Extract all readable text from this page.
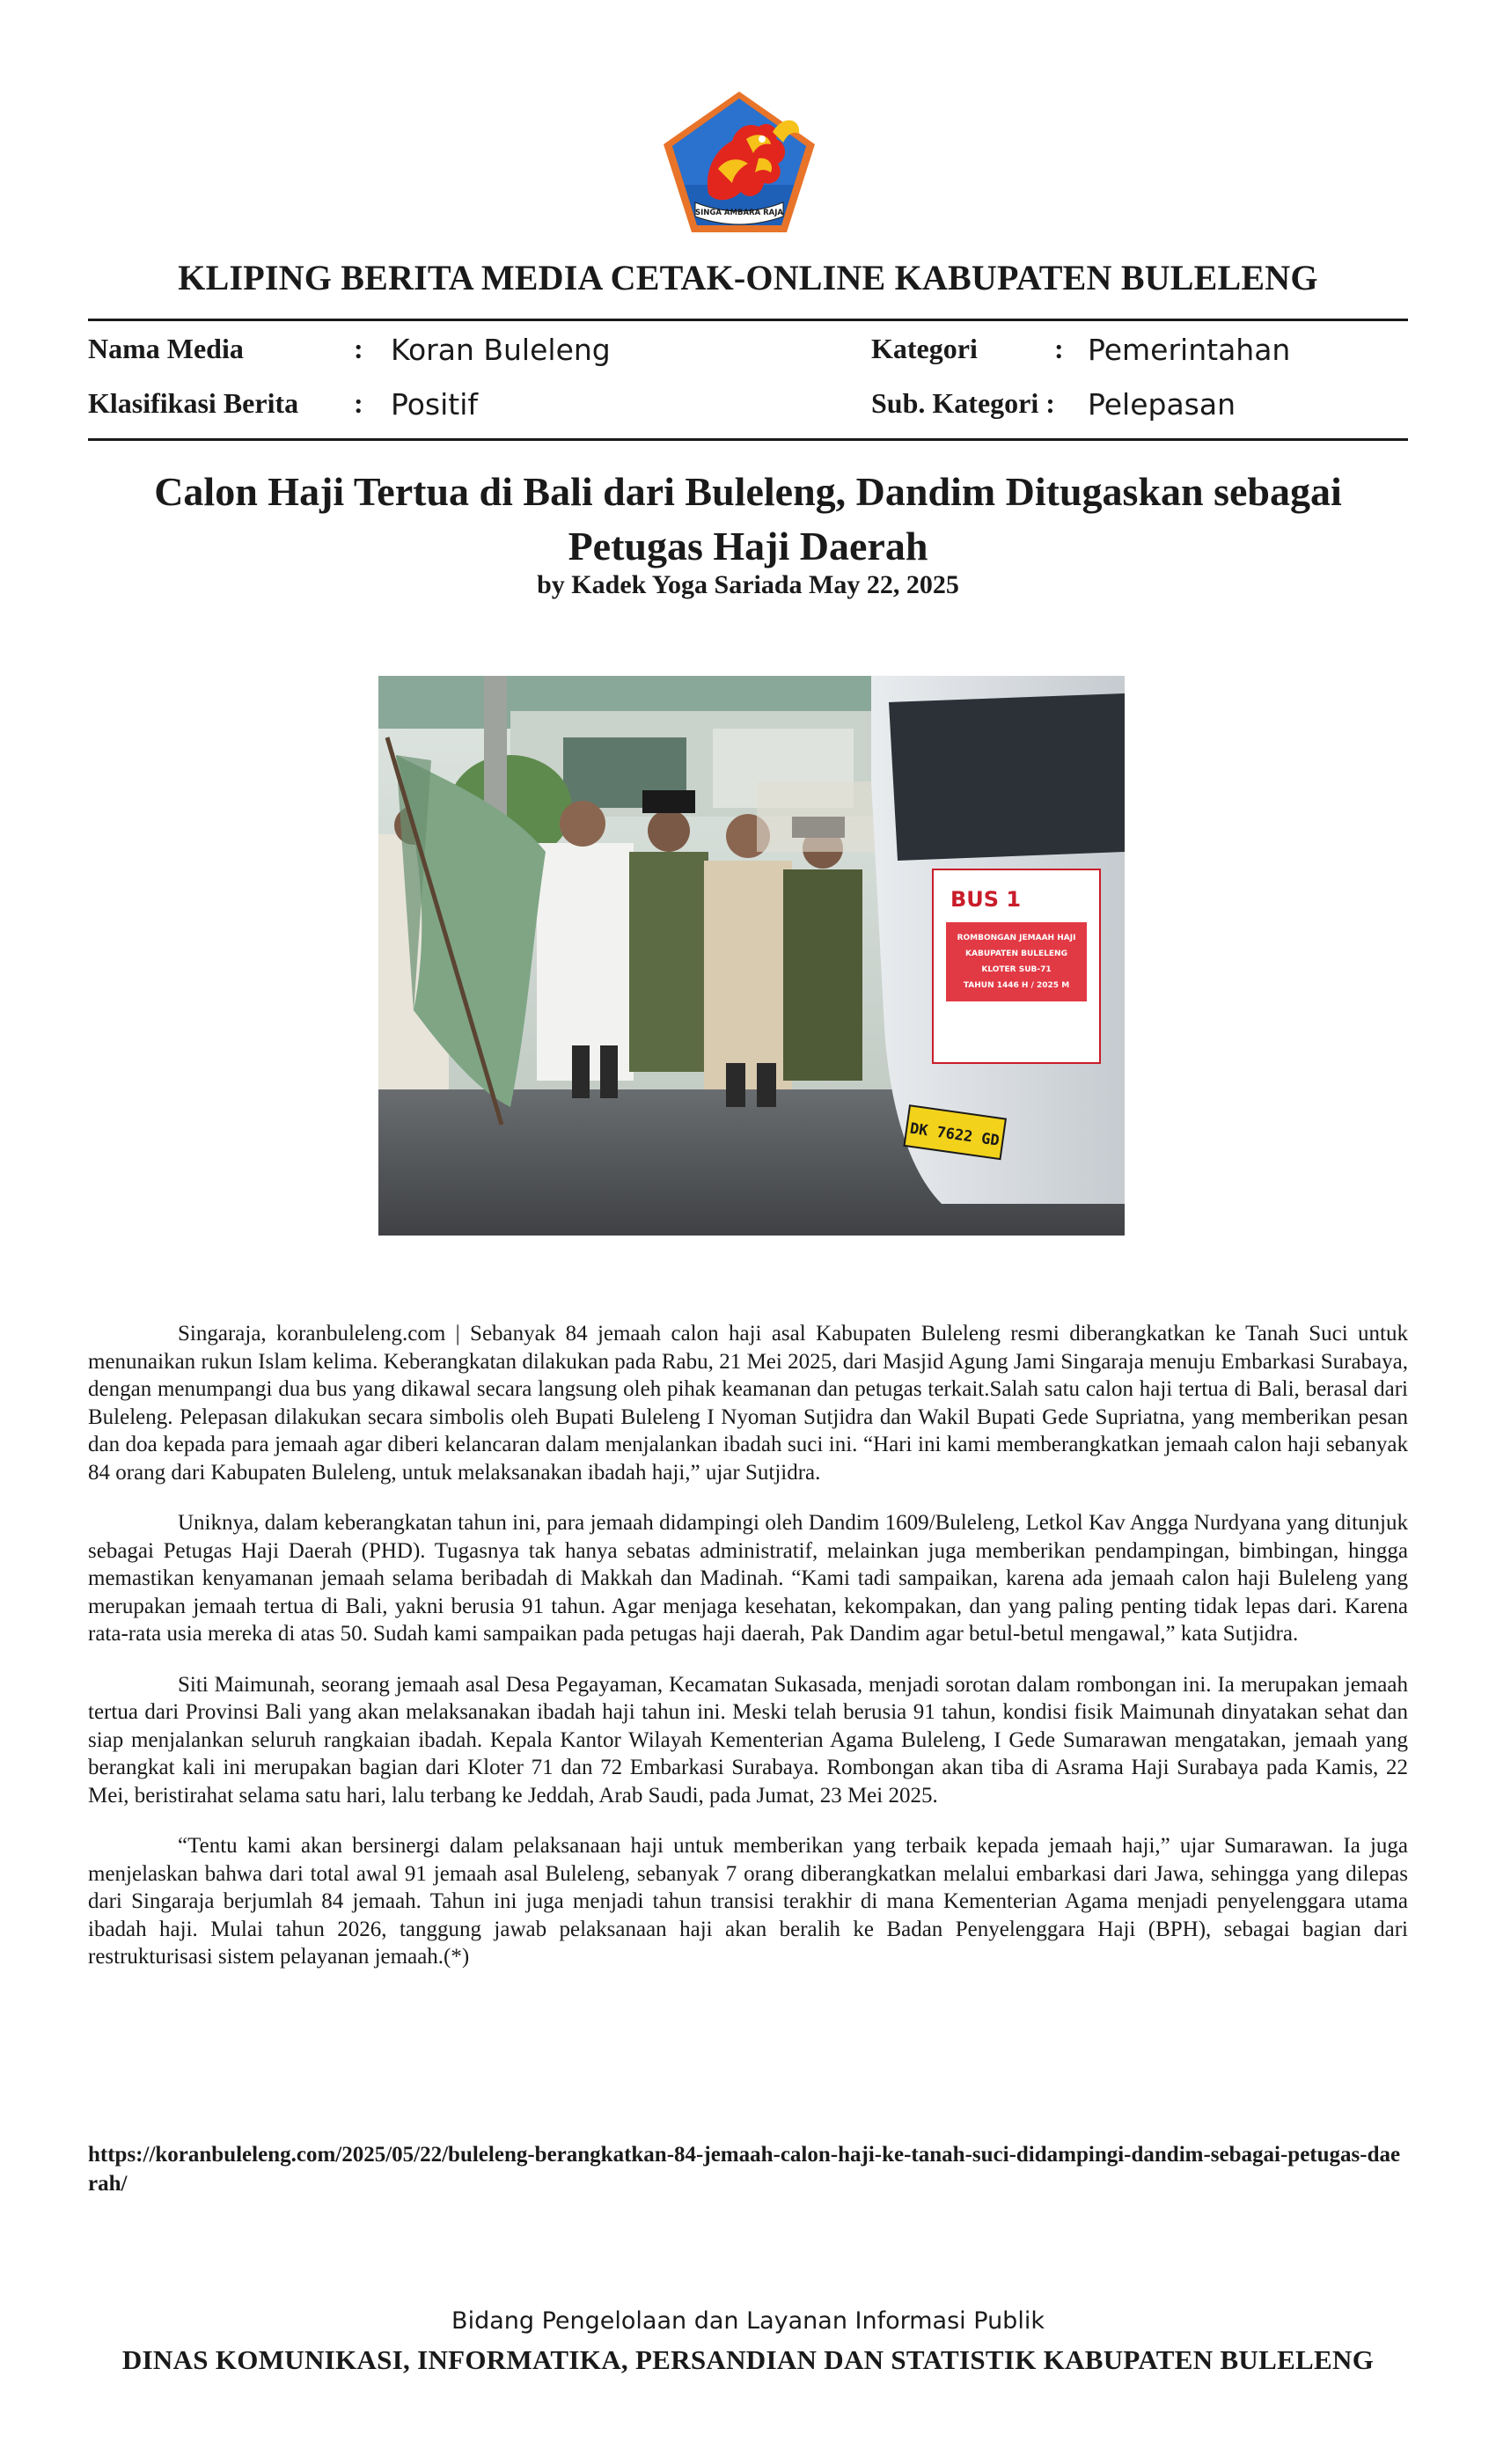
SINGA AMBARA RAJA
KLIPING BERITA MEDIA CETAK-ONLINE KABUPATEN BULELENG
Nama Media	: Koran Buleleng
Klasifikasi Berita : Positif
Kategori	: Pemerintahan
Sub. Kategori : Pelepasan
Calon Haji Tertua di Bali dari Buleleng, Dandim Ditugaskan sebagai Petugas Haji Daerah
by Kadek Yoga Sariada May 22, 2025
BUS 1
ROMBONGAN JEMAAH HAJI
KABUPATEN BULELENG
KLOTER SUB-71
TAHUN 1446 H / 2025 M
DK 7622 GD

Singaraja, koranbuleleng.com | Sebanyak 84 jemaah calon haji asal Kabupaten Buleleng resmi diberangkatkan ke Tanah Suci untuk menunaikan rukun Islam kelima. Keberangkatan dilakukan pada Rabu, 21 Mei 2025, dari Masjid Agung Jami Singaraja menuju Embarkasi Surabaya, dengan menumpangi dua bus yang dikawal secara langsung oleh pihak keamanan dan petugas terkait.Salah satu calon haji tertua di Bali, berasal dari Buleleng. Pelepasan dilakukan secara simbolis oleh Bupati Buleleng I Nyoman Sutjidra dan Wakil Bupati Gede Supriatna, yang memberikan pesan dan doa kepada para jemaah agar diberi kelancaran dalam menjalankan ibadah suci ini. “Hari ini kami memberangkatkan jemaah calon haji sebanyak 84 orang dari Kabupaten Buleleng, untuk melaksanakan ibadah haji,” ujar Sutjidra.

Uniknya, dalam keberangkatan tahun ini, para jemaah didampingi oleh Dandim 1609/Buleleng, Letkol Kav Angga Nurdyana yang ditunjuk sebagai Petugas Haji Daerah (PHD). Tugasnya tak hanya sebatas administratif, melainkan juga memberikan pendampingan, bimbingan, hingga memastikan kenyamanan jemaah selama beribadah di Makkah dan Madinah. “Kami tadi sampaikan, karena ada jemaah calon haji Buleleng yang merupakan jemaah tertua di Bali, yakni berusia 91 tahun. Agar menjaga kesehatan, kekompakan, dan yang paling penting tidak lepas dari. Karena rata-rata usia mereka di atas 50. Sudah kami sampaikan pada petugas haji daerah, Pak Dandim agar betul-betul mengawal,” kata Sutjidra.

Siti Maimunah, seorang jemaah asal Desa Pegayaman, Kecamatan Sukasada, menjadi sorotan dalam rombongan ini. Ia merupakan jemaah tertua dari Provinsi Bali yang akan melaksanakan ibadah haji tahun ini. Meski telah berusia 91 tahun, kondisi fisik Maimunah dinyatakan sehat dan siap menjalankan seluruh rangkaian ibadah. Kepala Kantor Wilayah Kementerian Agama Buleleng, I Gede Sumarawan mengatakan, jemaah yang berangkat kali ini merupakan bagian dari Kloter 71 dan 72 Embarkasi Surabaya. Rombongan akan tiba di Asrama Haji Surabaya pada Kamis, 22 Mei, beristirahat selama satu hari, lalu terbang ke Jeddah, Arab Saudi, pada Jumat, 23 Mei 2025.

“Tentu kami akan bersinergi dalam pelaksanaan haji untuk memberikan yang terbaik kepada jemaah haji,” ujar Sumarawan. Ia juga menjelaskan bahwa dari total awal 91 jemaah asal Buleleng, sebanyak 7 orang diberangkatkan melalui embarkasi dari Jawa, sehingga yang dilepas dari Singaraja berjumlah 84 jemaah. Tahun ini juga menjadi tahun transisi terakhir di mana Kementerian Agama menjadi penyelenggara utama ibadah haji. Mulai tahun 2026, tanggung jawab pelaksanaan haji akan beralih ke Badan Penyelenggara Haji (BPH), sebagai bagian dari restrukturisasi sistem pelayanan jemaah.(*)

https://koranbuleleng.com/2025/05/22/buleleng-berangkatkan-84-jemaah-calon-haji-ke-tanah-suci-didampingi-dandim-sebagai-petugas-daerah/
Bidang Pengelolaan dan Layanan Informasi Publik
DINAS KOMUNIKASI, INFORMATIKA, PERSANDIAN DAN STATISTIK KABUPATEN BULELENG
